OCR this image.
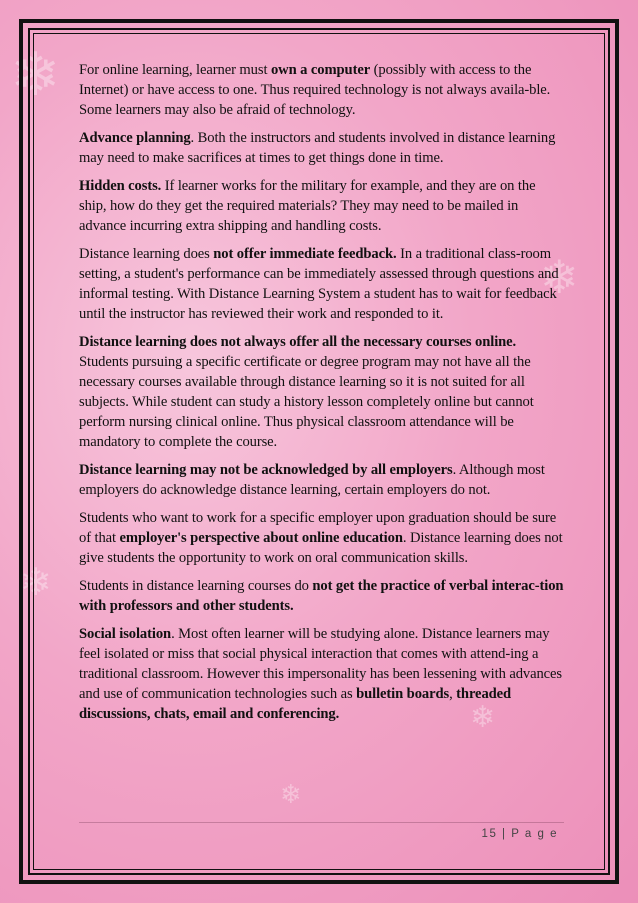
❄
❄
❄
❄
❄

For online learning, learner must own a computer (possibly with access to the Internet) or have access to one. Thus required technology is not always availa-ble. Some learners may also be afraid of technology.

Advance planning. Both the instructors and students involved in distance learning may need to make sacrifices at times to get things done in time.

Hidden costs. If learner works for the military for example, and they are on the ship, how do they get the required materials? They may need to be mailed in advance incurring extra shipping and handling costs.

Distance learning does not offer immediate feedback. In a traditional class-room setting, a student's performance can be immediately assessed through questions and informal testing. With Distance Learning System a student has to wait for feedback until the instructor has reviewed their work and responded to it.

Distance learning does not always offer all the necessary courses online. Students pursuing a specific certificate or degree program may not have all the necessary courses available through distance learning so it is not suited for all subjects. While student can study a history lesson completely online but cannot perform nursing clinical online. Thus physical classroom attendance will be mandatory to complete the course.

Distance learning may not be acknowledged by all employers. Although most employers do acknowledge distance learning, certain employers do not.

Students who want to work for a specific employer upon graduation should be sure of that employer's perspective about online education. Distance learning does not give students the opportunity to work on oral communication skills.

Students in distance learning courses do not get the practice of verbal interac-tion with professors and other students.

Social isolation. Most often learner will be studying alone. Distance learners may feel isolated or miss that social physical interaction that comes with attend-ing a traditional classroom. However this impersonality has been lessening with advances and use of communication technologies such as bulletin boards, threaded discussions, chats, email and conferencing.

15 | P a g e
